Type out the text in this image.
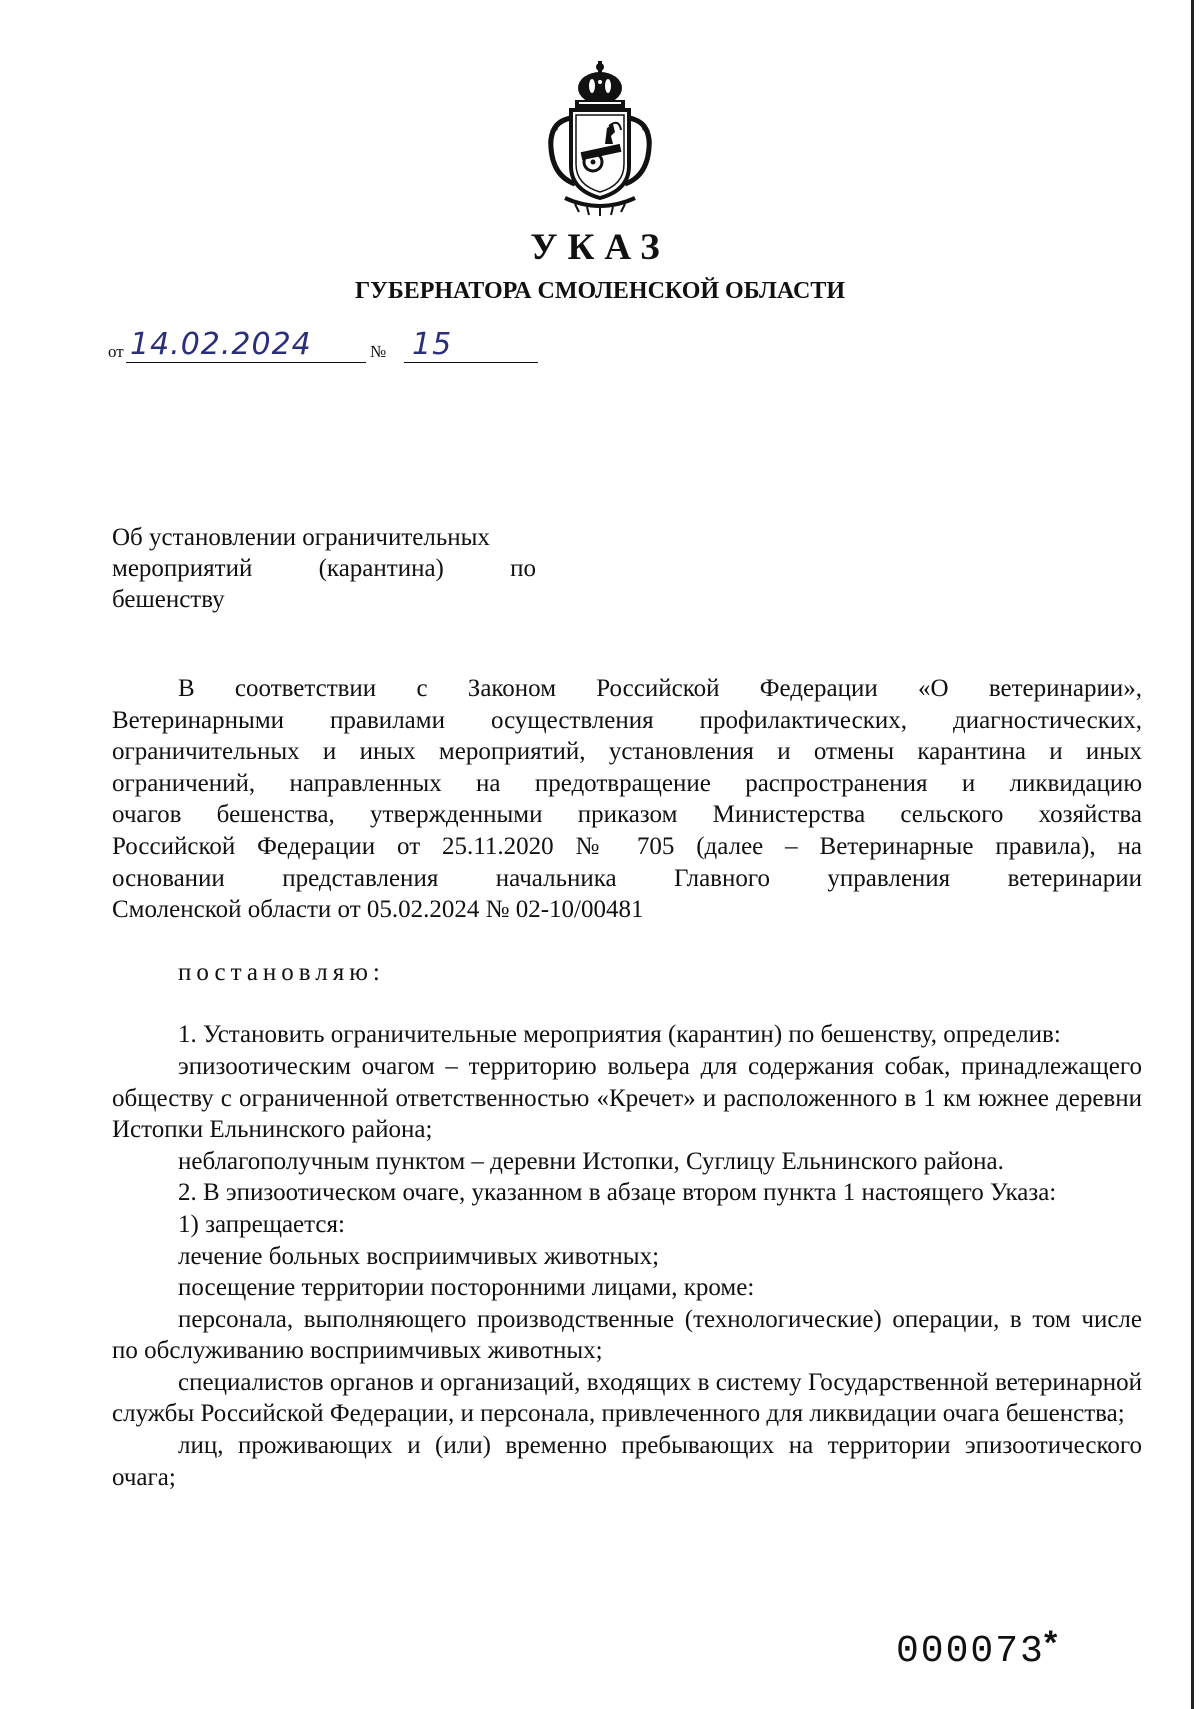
УКАЗ
ГУБЕРНАТОРА СМОЛЕНСКОЙ ОБЛАСТИ
от 14.02.2024	№ 15
Об установлении ограничительных
мероприятий (карантина) по
бешенству

В соответствии с Законом Российской Федерации «О ветеринарии»,

Ветеринарными правилами осуществления профилактических, диагностических,

ограничительных и иных мероприятий, установления и отмены карантина и иных

ограничений, направленных на предотвращение распространения и ликвидацию

очагов бешенства, утвержденными приказом Министерства сельского хозяйства

Российской Федерации от 25.11.2020 № 705 (далее – Ветеринарные правила), на

основании представления начальника Главного управления ветеринарии

Смоленской области от 05.02.2024 № 02-10/00481

постановляю:

1. Установить ограничительные мероприятия (карантин) по бешенству, определив:

эпизоотическим очагом – территорию вольера для содержания собак, принадлежащего обществу с ограниченной ответственностью «Кречет» и расположенного в 1 км южнее деревни Истопки Ельнинского района;

неблагополучным пунктом – деревни Истопки, Суглицу Ельнинского района.

2. В эпизоотическом очаге, указанном в абзаце втором пункта 1 настоящего Указа:

1) запрещается:

лечение больных восприимчивых животных;

посещение территории посторонними лицами, кроме:

персонала, выполняющего производственные (технологические) операции, в том числе по обслуживанию восприимчивых животных;

специалистов органов и организаций, входящих в систему Государственной ветеринарной службы Российской Федерации, и персонала, привлеченного для ликвидации очага бешенства;

лиц, проживающих и (или) временно пребывающих на территории эпизоотического очага;

000073 *
